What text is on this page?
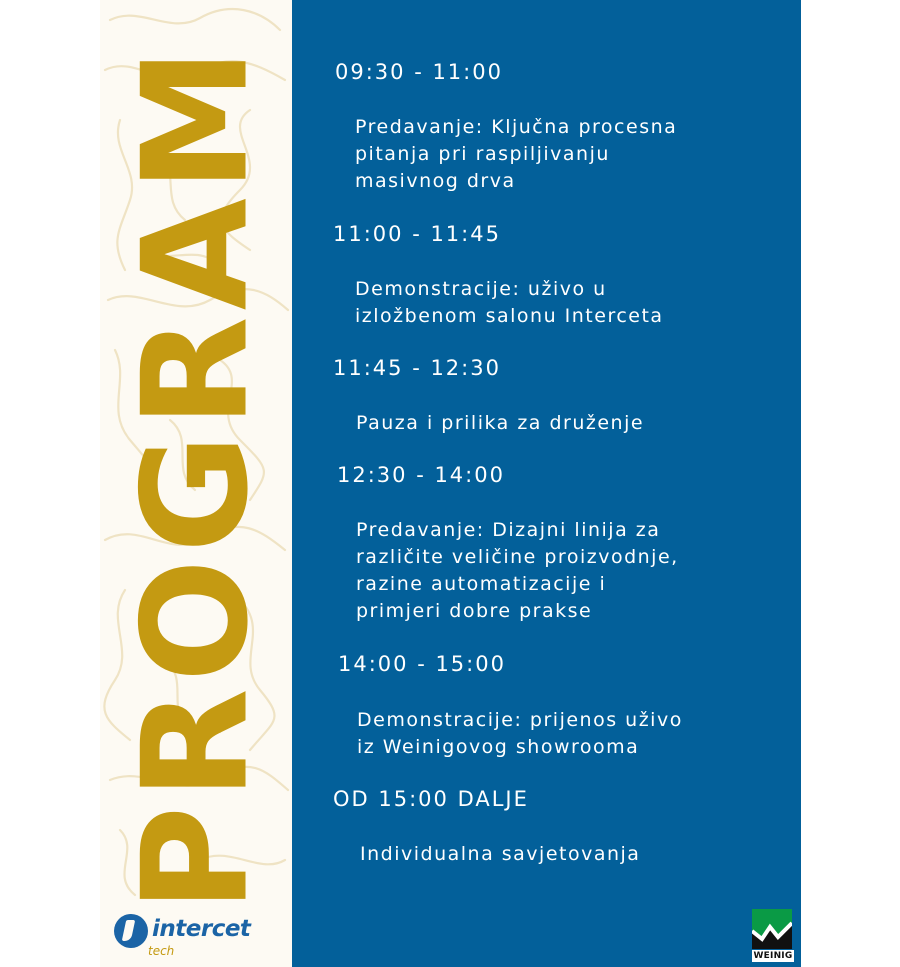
PROGRAM
intercet
tech

09:30 - 11:00

Predavanje: Ključna procesna
pitanja pri raspiljivanju
masivnog drva

11:00 - 11:45

Demonstracije: uživo u
izložbenom salonu Interceta

11:45 - 12:30

Pauza i prilika za druženje

12:30 - 14:00

Predavanje: Dizajni linija za
različite veličine proizvodnje,
razine automatizacije i
primjeri dobre prakse

14:00 - 15:00

Demonstracije: prijenos uživo
iz Weinigovog showrooma

OD 15:00 DALJE

Individualna savjetovanja

WEINIG
